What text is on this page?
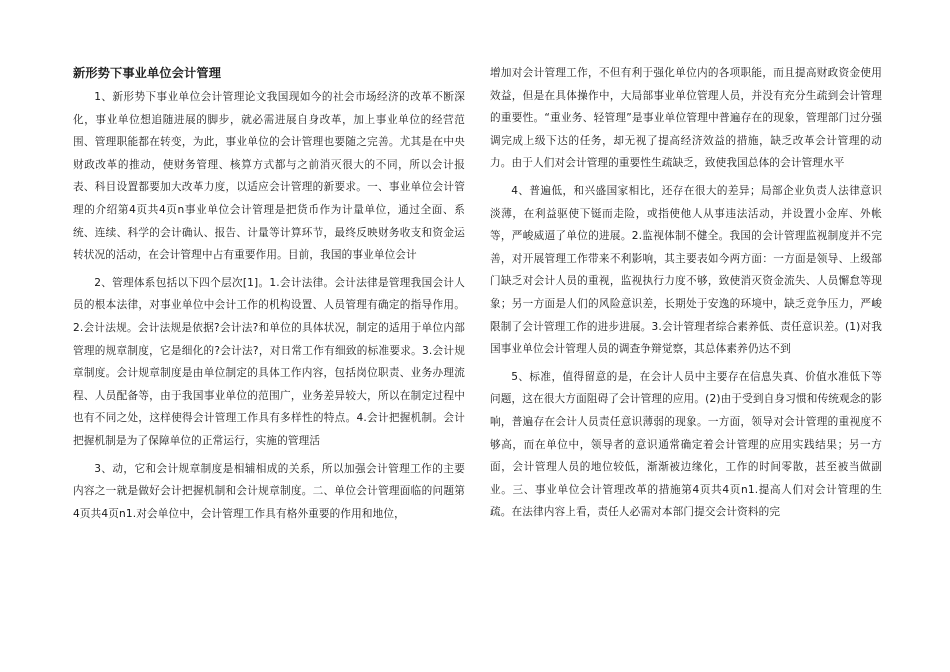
新形势下事业单位会计管理

1、新形势下事业单位会计管理论文我国现如今的社会市场经济的改革不断深化，事业单位想追随进展的脚步，就必需进展自身改革，加上事业单位的经营范围、管理职能都在转变，为此，事业单位的会计管理也要随之完善。尤其是在中央财政改革的推动，使财务管理、核算方式都与之前消灭很大的不同，所以会计报表、科目设置都要加大改革力度，以适应会计管理的新要求。一、事业单位会计管理的介绍第4页共4页n事业单位会计管理是把货币作为计量单位，通过全面、系统、连续、科学的会计确认、报告、计量等计算环节，最终反映财务收支和资金运转状况的活动，在会计管理中占有重要作用。目前，我国的事业单位会计

2、管理体系包括以下四个层次[1]。1.会计法律。会计法律是管理我国会计人员的根本法律，对事业单位中会计工作的机构设置、人员管理有确定的指导作用。2.会计法规。会计法规是依据?会计法?和单位的具体状况，制定的适用于单位内部管理的规章制度，它是细化的?会计法?，对日常工作有细致的标准要求。3.会计规章制度。会计规章制度是由单位制定的具体工作内容，包括岗位职责、业务办理流程、人员配备等，由于我国事业单位的范围广，业务差异较大，所以在制定过程中也有不同之处，这样使得会计管理工作具有多样性的特点。4.会计把握机制。会计把握机制是为了保障单位的正常运行，实施的管理活

3、动，它和会计规章制度是相辅相成的关系，所以加强会计管理工作的主要内容之一就是做好会计把握机制和会计规章制度。二、单位会计管理面临的问题第4页共4页n1.对会单位中，会计管理工作具有格外重要的作用和地位，

增加对会计管理工作，不但有利于强化单位内的各项职能，而且提高财政资金使用效益，但是在具体操作中，大局部事业单位管理人员，并没有充分生疏到会计管理的重要性。“重业务、轻管理”是事业单位管理中普遍存在的现象，管理部门过分强调完成上级下达的任务，却无视了提高经济效益的措施，缺乏改革会计管理的动力。由于人们对会计管理的重要性生疏缺乏，致使我国总体的会计管理水平

4、普遍低，和兴盛国家相比，还存在很大的差异；局部企业负责人法律意识淡薄，在利益驱使下铤而走险，或指使他人从事违法活动，并设置小金库、外帐等，严峻威逼了单位的进展。2.监视体制不健全。我国的会计管理监视制度并不完善，对开展管理工作带来不利影响，其主要表如今两方面：一方面是领导、上级部门缺乏对会计人员的重视，监视执行力度不够，致使消灭资金流失、人员懈怠等现象；另一方面是人们的风险意识差，长期处于安逸的环境中，缺乏竞争压力，严峻限制了会计管理工作的进步进展。3.会计管理者综合素养低、责任意识差。(1)对我国事业单位会计管理人员的调查争辩觉察，其总体素养仍达不到

5、标准，值得留意的是，在会计人员中主要存在信息失真、价值水准低下等问题，这在很大方面阻碍了会计管理的应用。(2)由于受到自身习惯和传统观念的影响，普遍存在会计人员责任意识薄弱的现象。一方面，领导对会计管理的重视度不够高，而在单位中，领导者的意识通常确定着会计管理的应用实践结果；另一方面，会计管理人员的地位较低，渐渐被边缘化，工作的时间零散，甚至被当做副业。三、事业单位会计管理改革的措施第4页共4页n1.提高人们对会计管理的生疏。在法律内容上看，责任人必需对本部门提交会计资料的完
